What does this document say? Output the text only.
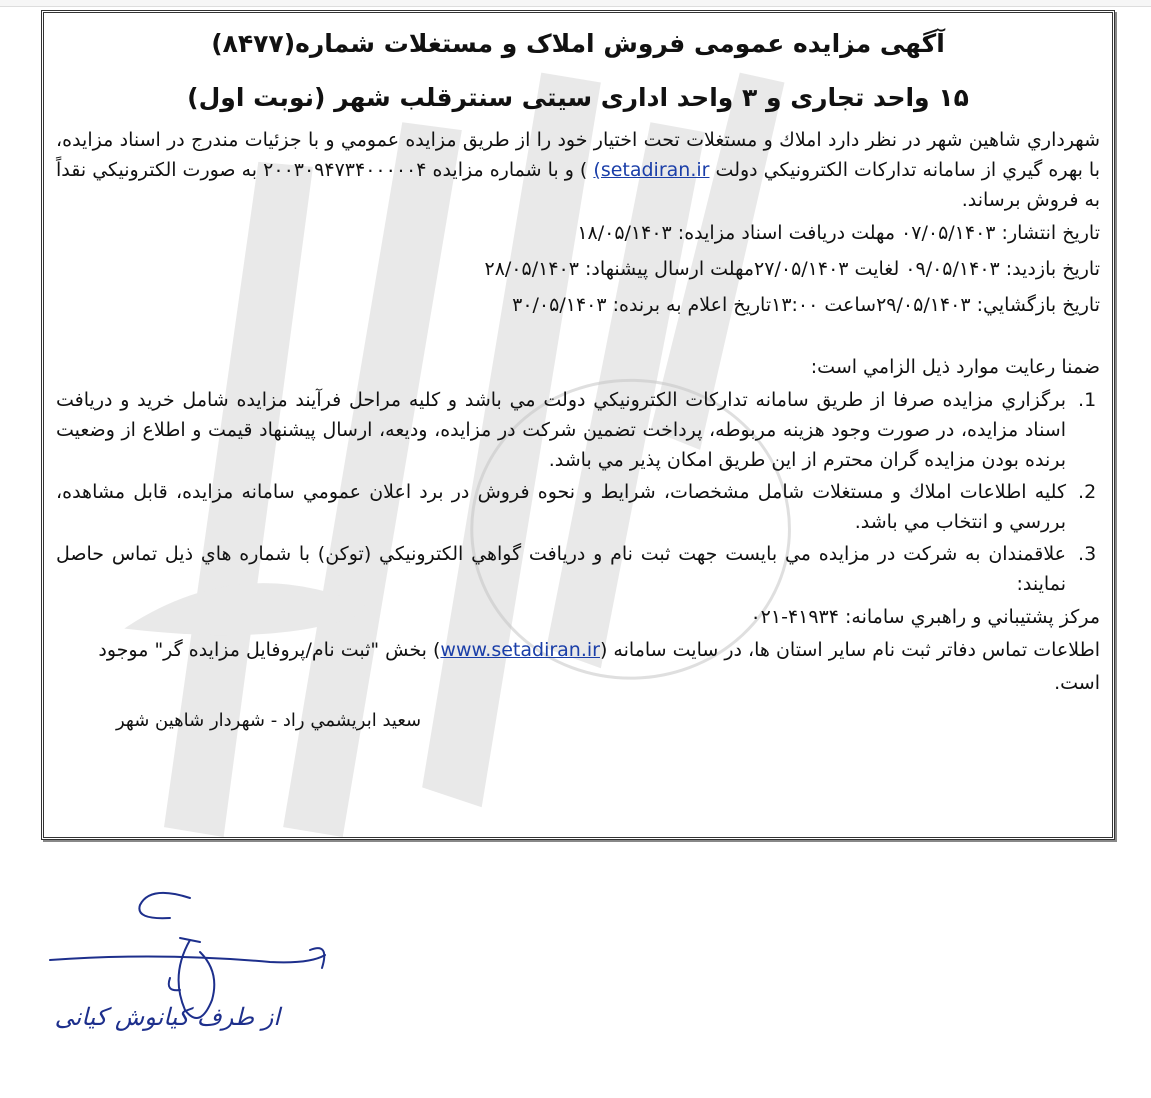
آگهی مزایده عمومی فروش املاک و مستغلات شماره(۸۴۷۷)
۱۵ واحد تجاری و ۳ واحد اداری سیتی سنترقلب شهر (نوبت اول)

شهرداري شاهين شهر در نظر دارد املاك و مستغلات تحت اختيار خود را از طريق مزايده عمومي و با جزئيات مندرج در اسناد مزايده، با بهره گيري از سامانه تداركات الكترونيكي دولت (setadiran.ir ) و با شماره مزايده ۲۰۰۳۰۹۴۷۳۴۰۰۰۰۰۴ به صورت الكترونيكي نقداً به فروش برساند.

تاريخ انتشار: ۰۷/۰۵/۱۴۰۳ مهلت دريافت اسناد مزايده: ۱۸/۰۵/۱۴۰۳

تاريخ بازديد: ۰۹/۰۵/۱۴۰۳ لغايت ۲۷/۰۵/۱۴۰۳مهلت ارسال پيشنهاد: ۲۸/۰۵/۱۴۰۳

تاريخ بازگشايي: ۲۹/۰۵/۱۴۰۳ساعت ۱۳:۰۰تاريخ اعلام به برنده: ۳۰/۰۵/۱۴۰۳

ضمنا رعايت موارد ذيل الزامي است:

1. برگزاري مزايده صرفا از طريق سامانه تداركات الكترونيكي دولت مي باشد و كليه مراحل فرآيند مزايده شامل خريد و دريافت اسناد مزايده، در صورت وجود هزينه مربوطه، پرداخت تضمين شركت در مزايده، وديعه، ارسال پيشنهاد قيمت و اطلاع از وضعيت برنده بودن مزايده گران محترم از اين طريق امكان پذير مي باشد.
2. كليه اطلاعات املاك و مستغلات شامل مشخصات، شرايط و نحوه فروش در برد اعلان عمومي سامانه مزايده، قابل مشاهده، بررسي و انتخاب مي باشد.
3. علاقمندان به شركت در مزايده مي بايست جهت ثبت نام و دريافت گواهي الكترونيكي (توكن) با شماره هاي ذيل تماس حاصل نمايند:

مركز پشتيباني و راهبري سامانه: ۴۱۹۳۴-۰۲۱

اطلاعات تماس دفاتر ثبت نام ساير استان ها، در سايت سامانه (www.setadiran.ir) بخش "ثبت نام/پروفايل مزايده گر" موجود است.

سعيد ابريشمي راد - شهردار شاهين شهر

از طرف کیانوش کیانی
